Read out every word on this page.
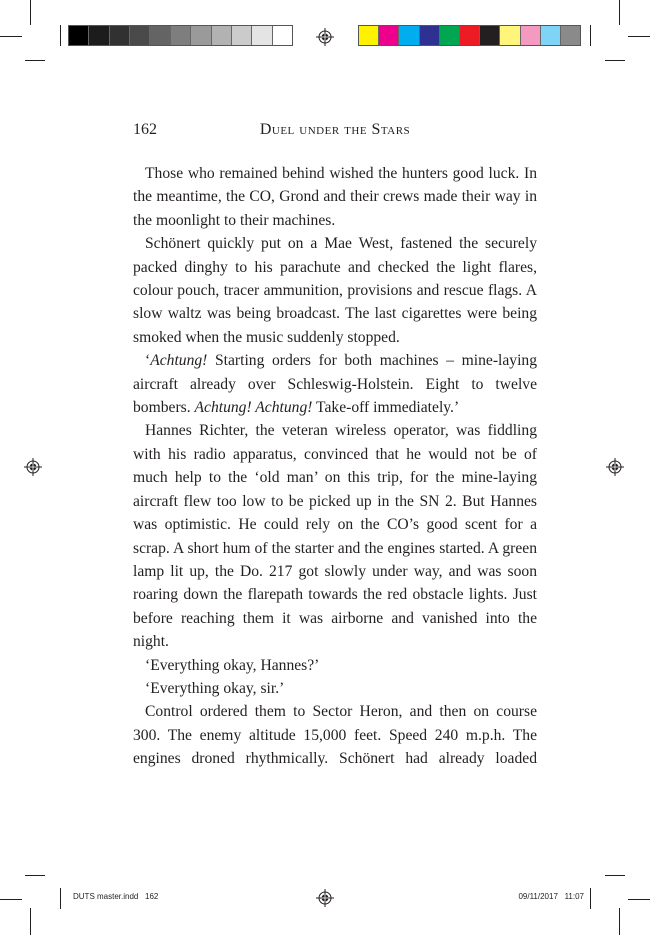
162	Duel under the Stars

Those who remained behind wished the hunters good luck. In the meantime, the CO, Grond and their crews made their way in the moonlight to their machines.

Schönert quickly put on a Mae West, fastened the securely packed dinghy to his parachute and checked the light flares, colour pouch, tracer ammunition, provisions and rescue flags. A slow waltz was being broadcast. The last cigarettes were being smoked when the music suddenly stopped.

‘Achtung! Starting orders for both machines – mine-laying aircraft already over Schleswig-Holstein. Eight to twelve bombers. Achtung! Achtung! Take-off immediately.’

Hannes Richter, the veteran wireless operator, was fiddling with his radio apparatus, convinced that he would not be of much help to the ‘old man’ on this trip, for the mine-laying aircraft flew too low to be picked up in the SN 2. But Hannes was optimistic. He could rely on the CO’s good scent for a scrap. A short hum of the starter and the engines started. A green lamp lit up, the Do. 217 got slowly under way, and was soon roaring down the flarepath towards the red obstacle lights. Just before reaching them it was airborne and vanished into the night.

‘Everything okay, Hannes?’

‘Everything okay, sir.’

Control ordered them to Sector Heron, and then on course 300. The enemy altitude 15,000 feet. Speed 240 m.p.h. The engines droned rhythmically. Schönert had already loaded

DUTS master.indd   162	09/11/2017   11:07
